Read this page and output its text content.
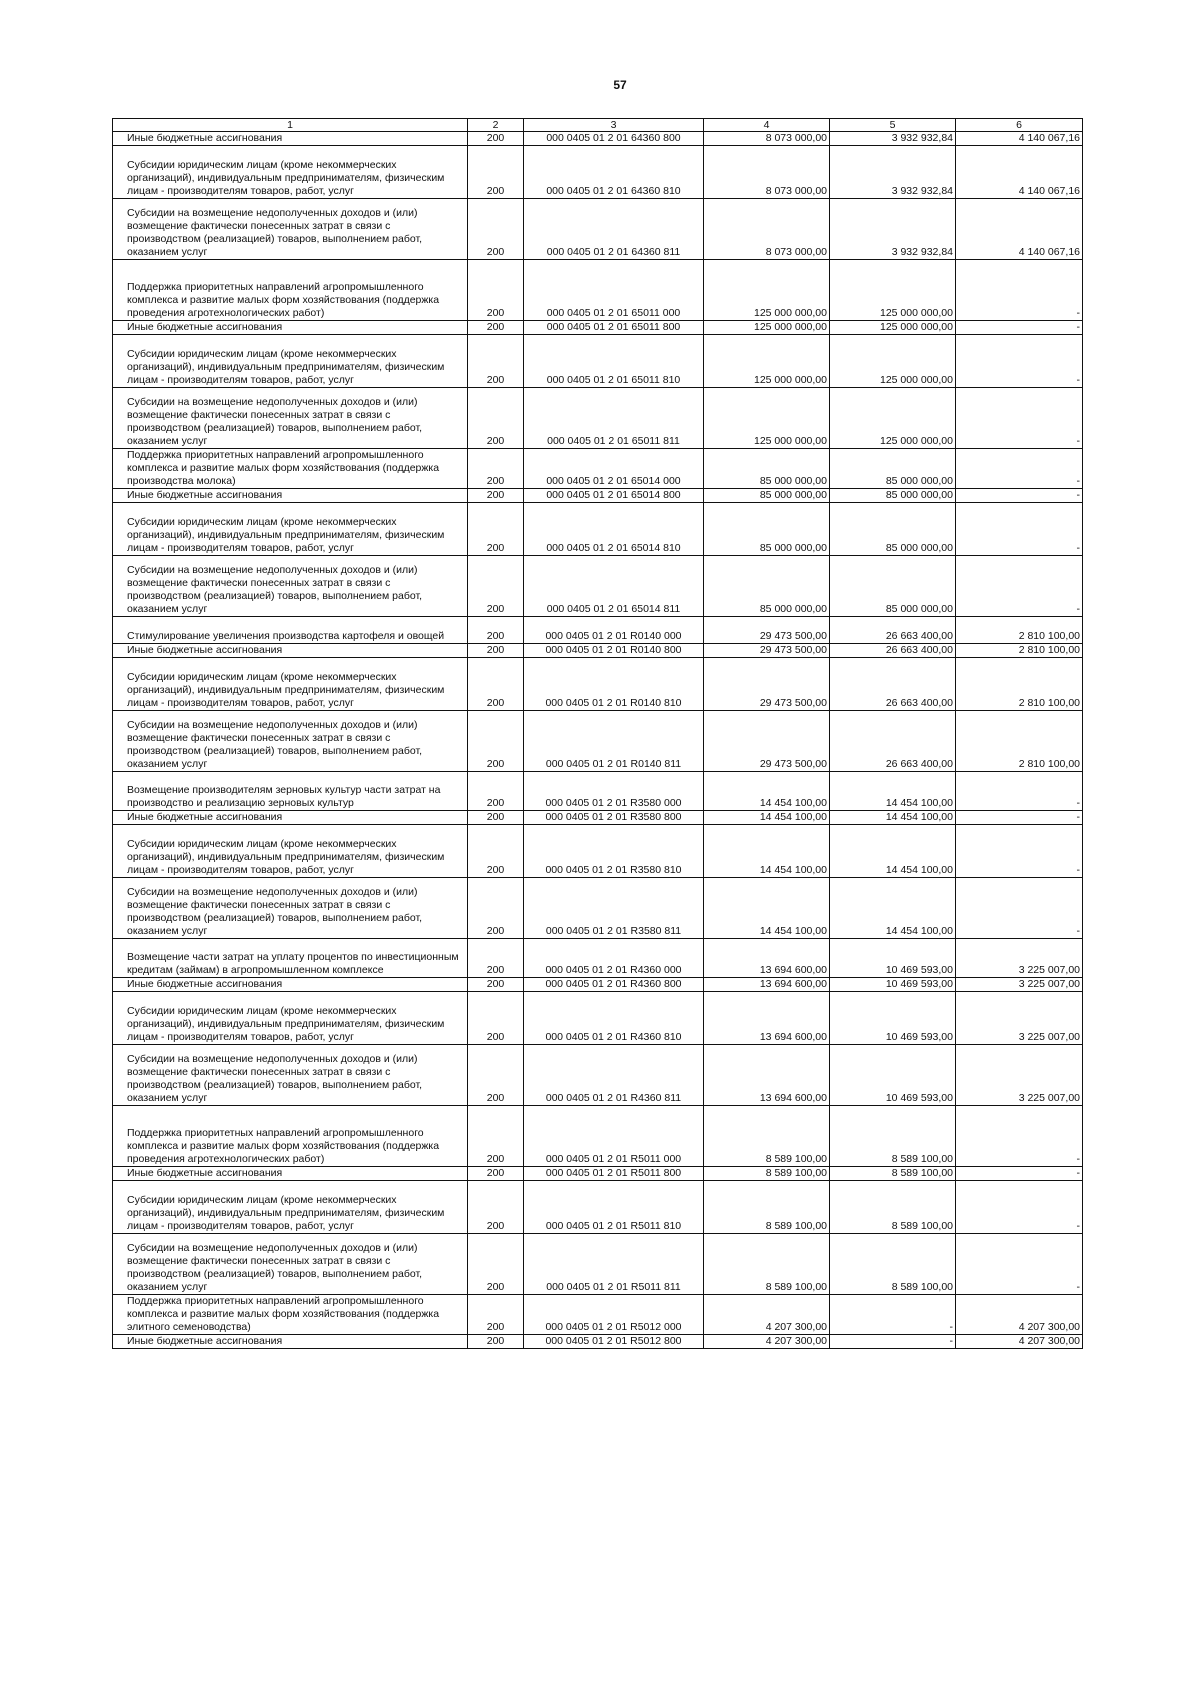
57
1	2	3	4	5	6
Иные бюджетные ассигнования	200	000 0405 01 2 01 64360 800	8 073 000,00	3 932 932,84	4 140 067,16
Субсидии юридическим лицам (кроме некоммерческих организаций), индивидуальным предпринимателям, физическим лицам - производителям товаров, работ, услуг	200	000 0405 01 2 01 64360 810	8 073 000,00	3 932 932,84	4 140 067,16
Субсидии на возмещение недополученных доходов и (или) возмещение фактически понесенных затрат в связи с производством (реализацией) товаров, выполнением работ, оказанием услуг	200	000 0405 01 2 01 64360 811	8 073 000,00	3 932 932,84	4 140 067,16
Поддержка приоритетных направлений агропромышленного комплекса и развитие малых форм хозяйствования (поддержка проведения агротехнологических работ)	200	000 0405 01 2 01 65011 000	125 000 000,00	125 000 000,00	-
Иные бюджетные ассигнования	200	000 0405 01 2 01 65011 800	125 000 000,00	125 000 000,00	-
Субсидии юридическим лицам (кроме некоммерческих организаций), индивидуальным предпринимателям, физическим лицам - производителям товаров, работ, услуг	200	000 0405 01 2 01 65011 810	125 000 000,00	125 000 000,00	-
Субсидии на возмещение недополученных доходов и (или) возмещение фактически понесенных затрат в связи с производством (реализацией) товаров, выполнением работ, оказанием услуг	200	000 0405 01 2 01 65011 811	125 000 000,00	125 000 000,00	-
Поддержка приоритетных направлений агропромышленного комплекса и развитие малых форм хозяйствования (поддержка производства молока)	200	000 0405 01 2 01 65014 000	85 000 000,00	85 000 000,00	-
Иные бюджетные ассигнования	200	000 0405 01 2 01 65014 800	85 000 000,00	85 000 000,00	-
Субсидии юридическим лицам (кроме некоммерческих организаций), индивидуальным предпринимателям, физическим лицам - производителям товаров, работ, услуг	200	000 0405 01 2 01 65014 810	85 000 000,00	85 000 000,00	-
Субсидии на возмещение недополученных доходов и (или) возмещение фактически понесенных затрат в связи с производством (реализацией) товаров, выполнением работ, оказанием услуг	200	000 0405 01 2 01 65014 811	85 000 000,00	85 000 000,00	-
Стимулирование увеличения производства картофеля и овощей	200	000 0405 01 2 01 R0140 000	29 473 500,00	26 663 400,00	2 810 100,00
Иные бюджетные ассигнования	200	000 0405 01 2 01 R0140 800	29 473 500,00	26 663 400,00	2 810 100,00
Субсидии юридическим лицам (кроме некоммерческих организаций), индивидуальным предпринимателям, физическим лицам - производителям товаров, работ, услуг	200	000 0405 01 2 01 R0140 810	29 473 500,00	26 663 400,00	2 810 100,00
Субсидии на возмещение недополученных доходов и (или) возмещение фактически понесенных затрат в связи с производством (реализацией) товаров, выполнением работ, оказанием услуг	200	000 0405 01 2 01 R0140 811	29 473 500,00	26 663 400,00	2 810 100,00
Возмещение производителям зерновых культур части затрат на производство и реализацию зерновых культур	200	000 0405 01 2 01 R3580 000	14 454 100,00	14 454 100,00	-
Иные бюджетные ассигнования	200	000 0405 01 2 01 R3580 800	14 454 100,00	14 454 100,00	-
Субсидии юридическим лицам (кроме некоммерческих организаций), индивидуальным предпринимателям, физическим лицам - производителям товаров, работ, услуг	200	000 0405 01 2 01 R3580 810	14 454 100,00	14 454 100,00	-
Субсидии на возмещение недополученных доходов и (или) возмещение фактически понесенных затрат в связи с производством (реализацией) товаров, выполнением работ, оказанием услуг	200	000 0405 01 2 01 R3580 811	14 454 100,00	14 454 100,00	-
Возмещение части затрат на уплату процентов по инвестиционным кредитам (займам) в агропромышленном комплексе	200	000 0405 01 2 01 R4360 000	13 694 600,00	10 469 593,00	3 225 007,00
Иные бюджетные ассигнования	200	000 0405 01 2 01 R4360 800	13 694 600,00	10 469 593,00	3 225 007,00
Субсидии юридическим лицам (кроме некоммерческих организаций), индивидуальным предпринимателям, физическим лицам - производителям товаров, работ, услуг	200	000 0405 01 2 01 R4360 810	13 694 600,00	10 469 593,00	3 225 007,00
Субсидии на возмещение недополученных доходов и (или) возмещение фактически понесенных затрат в связи с производством (реализацией) товаров, выполнением работ, оказанием услуг	200	000 0405 01 2 01 R4360 811	13 694 600,00	10 469 593,00	3 225 007,00
Поддержка приоритетных направлений агропромышленного комплекса и развитие малых форм хозяйствования (поддержка проведения агротехнологических работ)	200	000 0405 01 2 01 R5011 000	8 589 100,00	8 589 100,00	-
Иные бюджетные ассигнования	200	000 0405 01 2 01 R5011 800	8 589 100,00	8 589 100,00	-
Субсидии юридическим лицам (кроме некоммерческих организаций), индивидуальным предпринимателям, физическим лицам - производителям товаров, работ, услуг	200	000 0405 01 2 01 R5011 810	8 589 100,00	8 589 100,00	-
Субсидии на возмещение недополученных доходов и (или) возмещение фактически понесенных затрат в связи с производством (реализацией) товаров, выполнением работ, оказанием услуг	200	000 0405 01 2 01 R5011 811	8 589 100,00	8 589 100,00	-
Поддержка приоритетных направлений агропромышленного комплекса и развитие малых форм хозяйствования (поддержка элитного семеноводства)	200	000 0405 01 2 01 R5012 000	4 207 300,00	-	4 207 300,00
Иные бюджетные ассигнования	200	000 0405 01 2 01 R5012 800	4 207 300,00	-	4 207 300,00
